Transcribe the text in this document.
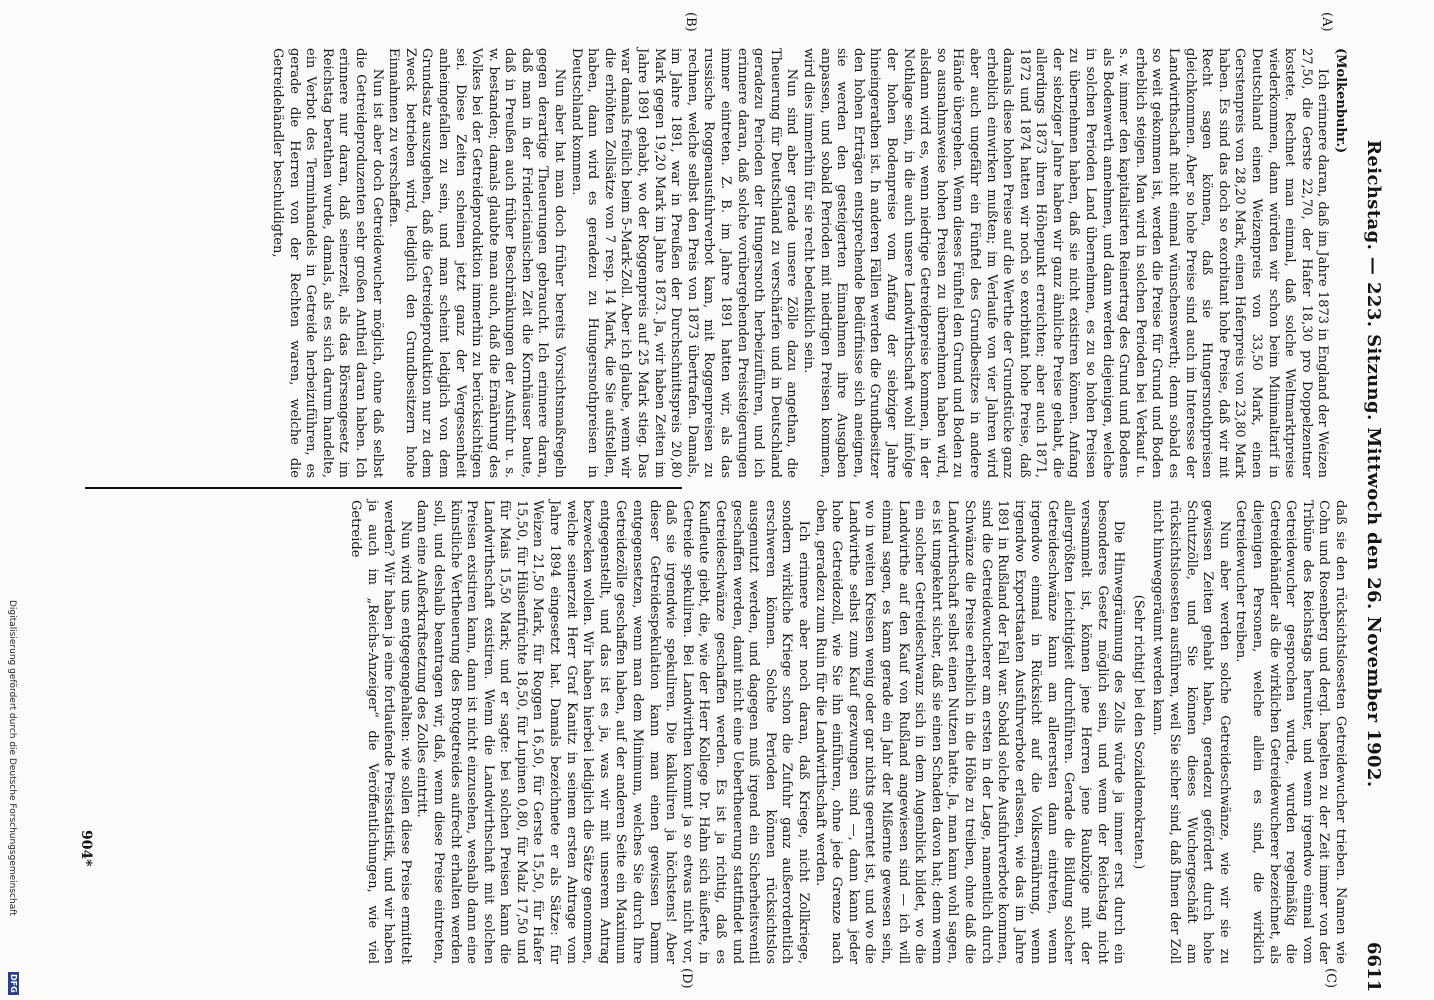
Reichstag. — 223. Sitzung. Mittwoch den 26. November 1902.
6611
(A)
(B)
(C)
(D)
(Molkenbuhr.)

Ich erinnere daran, daß im Jahre 1873 in England der Weizen 27,50, die Gerste 22,70, der Hafer 18,30 pro Doppelzentner kostete. Rechnet man einmal, daß solche Weltmarktpreise wiederkommen, dann würden wir schon beim Minimaltarif in Deutschland einen Weizenpreis von 33,50 Mark, einen Gerstenpreis von 28,20 Mark, einen Haferpreis von 23,80 Mark haben. Es sind das doch so exorbitant hohe Preise, daß wir mit Recht sagen können, daß sie Hungersnothpreisen gleichkommen. Aber so hohe Preise sind auch im Interesse der Landwirthschaft nicht einmal wünschenswerth; denn sobald es so weit gekommen ist, werden die Preise für Grund und Boden erheblich steigen. Man wird in solchen Perioden bei Verkauf u. s. w. immer den kapitalisirten Reinertrag des Grund und Bodens als Bodenwerth annehmen, und dann werden diejenigen, welche in solchen Perioden Land übernehmen, es zu so hohen Preisen zu übernehmen haben, daß sie nicht existiren können. Anfang der siebziger Jahre haben wir ganz ähnliche Preise gehabt, die allerdings 1873 ihren Höhepunkt erreichten; aber auch 1871, 1872 und 1874 hatten wir noch so exorbitant hohe Preise, daß damals diese hohen Preise auf die Werthe der Grundstücke ganz erheblich einwirken mußten; im Verlaufe von vier Jahren wird aber auch ungefähr ein Fünftel des Grundbesitzes in andere Hände übergehen. Wenn dieses Fünftel den Grund und Boden zu so ausnahmsweise hohen Preisen zu übernehmen haben wird, alsdann wird es, wenn niedrige Getreidepreise kommen, in der Nothlage sein, in die auch unsere Landwirthschaft wohl infolge der hohen Bodenpreise vom Anfang der siebziger Jahre hineingerathen ist. In anderen Fällen werden die Grundbesitzer den hohen Erträgen entsprechende Bedürfnisse sich aneignen, sie werden den gesteigerten Einnahmen ihre Ausgaben anpassen, und sobald Perioden mit niedrigen Preisen kommen, wird dies immerhin für sie recht bedenklich sein.

Nun sind aber gerade unsere Zölle dazu angethan, die Theuerung für Deutschland zu verschärfen und in Deutschland geradezu Perioden der Hungersnoth herbeizuführen, und ich erinnere daran, daß solche vorübergehenden Preissteigerungen immer eintreten. Z. B. im Jahre 1891 hatten wir, als das russische Roggenausfuhrverbot kam, mit Roggenpreisen zu rechnen, welche selbst den Preis von 1873 übertrafen. Damals, im Jahre 1891, war in Preußen der Durchschnittspreis 20,80 Mark gegen 19,20 Mark im Jahre 1873. Ja, wir haben Zeiten im Jahre 1891 gehabt, wo der Roggenpreis auf 25 Mark stieg. Das war damals freilich beim 5-Mark-Zoll. Aber ich glaube, wenn wir die erhöhten Zollsätze von 7 resp. 14 Mark, die Sie aufstellen, haben, dann wird es geradezu zu Hungersnothpreisen in Deutschland kommen.

Nun aber hat man doch früher bereits Vorsichtsmaßregeln gegen derartige Theuerungen gebraucht. Ich erinnere daran, daß man in der Fridericianischen Zeit die Kornhäuser baute, daß in Preußen auch früher Beschränkungen der Ausfuhr u. s. w. bestanden; damals glaubte man auch, daß die Ernährung des Volkes bei der Getreideproduktion immerhin zu berücksichtigen sei. Diese Zeiten scheinen jetzt ganz der Vergessenheit anheimgefallen zu sein, und man scheint lediglich von dem Grundsatz auszugehen, daß die Getreideproduktion nur zu dem Zweck betrieben wird, lediglich den Grundbesitzern hohe Einnahmen zu verschaffen.

Nun ist aber doch Getreidewucher möglich, ohne daß selbst die Getreideproduzenten sehr großen Antheil daran haben. Ich erinnere nur daran, daß seinerzeit, als das Börsengesetz im Reichstag berathen wurde, damals, als es sich darum handelte, ein Verbot des Terminhandels in Getreide herbeizuführen, es gerade die Herren von der Rechten waren, welche die Getreidehändler beschuldigten,

daß sie den rücksichtslosesten Getreidewucher trieben. Namen wie Cohn und Rosenberg und dergl. hagelten zu der Zeit immer von der Tribüne des Reichstags herunter, und wenn irgendwo einmal vom Getreidewucher gesprochen wurde, wurden regelmäßig die Getreidehändler als die wirklichen Getreidewucherer bezeichnet, als diejenigen Personen, welche allein es sind, die wirklich Getreidewucher treiben.

Nun aber werden solche Getreideschwänze, wie wir sie zu gewissen Zeiten gehabt haben, geradezu gefördert durch hohe Schutzzölle, und Sie können dieses Wuchergeschäft am rücksichtslosesten ausführen, weil Sie sicher sind, daß Ihnen der Zoll nicht hinweggeräumt werden kann.

(Sehr richtig! bei den Sozialdemokraten.)

Die Hinwegräumung des Zolls würde ja immer erst durch ein besonderes Gesetz möglich sein, und wenn der Reichstag nicht versammelt ist, können jene Herren jene Raubzüge mit der allergrößten Leichtigkeit durchführen. Gerade die Bildung solcher Getreideschwänze kann am allerersten dann eintreten, wenn irgendwo einmal in Rücksicht auf die Volksernährung, wenn irgendwo Exportstaaten Ausfuhrverbote erlassen, wie das im Jahre 1891 in Rußland der Fall war. Sobald solche Ausfuhrverbote kommen, sind die Getreidewucherer am ersten in der Lage, namentlich durch Schwänze die Preise erheblich in die Höhe zu treiben, ohne daß die Landwirthschaft selbst einen Nutzen hatte. Ja, man kann wohl sagen, es ist umgekehrt sicher, daß sie einen Schaden davon hat; denn wenn ein solcher Getreideschwanz sich in dem Augenblick bildet, wo die Landwirthe auf den Kauf von Rußland angewiesen sind — ich will einmal sagen, es kann gerade ein Jahr der Mißernte gewesen sein, wo in weiten Kreisen wenig oder gar nichts geerntet ist, und wo die Landwirthe selbst zum Kauf gezwungen sind —, dann kann jeder hohe Getreidezoll, wie Sie ihn einführen, ohne jede Grenze nach oben, geradezu zum Ruin für die Landwirthschaft werden.

Ich erinnere aber noch daran, daß Kriege, nicht Zollkriege, sondern wirkliche Kriege schon die Zufuhr ganz außerordentlich erschweren können. Solche Perioden können rücksichtslos ausgenutzt werden, und dagegen muß irgend ein Sicherheitsventil geschaffen werden, damit nicht eine Uebertheuerung stattfindet und Getreideschwänze geschaffen werden. Es ist ja richtig, daß es Kaufleute giebt, die, wie der Herr Kollege Dr. Hahn sich äußerte, in Getreide spekuliren. Bei Landwirthen kommt ja so etwas nicht vor, daß sie irgendwie spekuliren. Die kalkuliren ja höchstens! Aber dieser Getreidespekulation kann man einen gewissen Damm entgegensetzen, wenn man dem Minimum, welches Sie durch Ihre Getreidezölle geschaffen haben, auf der anderen Seite ein Maximum entgegenstellt, und das ist es ja, was wir mit unserem Antrag bezwecken wollen. Wir haben hierbei lediglich die Sätze genommen, welche seinerzeit Herr Graf Kanitz in seinem ersten Antrage vom Jahre 1894 eingesetzt hat. Damals bezeichnete er als Sätze: für Weizen 21,50 Mark, für Roggen 16,50, für Gerste 15,50, für Hafer 15,50, für Hülsenfrüchte 18,50, für Lupinen 0,80, für Malz 17,50 und für Mais 15,50 Mark; und er sagte: bei solchen Preisen kann die Landwirthschaft existiren. Wenn die Landwirthschaft mit solchen Preisen existiren kann, dann ist nicht einzusehen, weshalb dann eine künstliche Vertheuerung des Brotgetreides aufrecht erhalten werden soll, und deshalb beantragen wir, daß, wenn diese Preise eintreten, dann eine Außerkraftsetzung des Zolles eintritt.

Nun wird uns entgegengehalten: wie sollen diese Preise ermittelt werden? Wir haben ja eine fortlaufende Preisstatistik, und wir haben ja auch im „Reichs-Anzeiger“ die Veröffentlichungen, wie viel Getreide

904*
Digitalisierung gefördert durch die Deutsche Forschungsgemeinschaft
DFG
